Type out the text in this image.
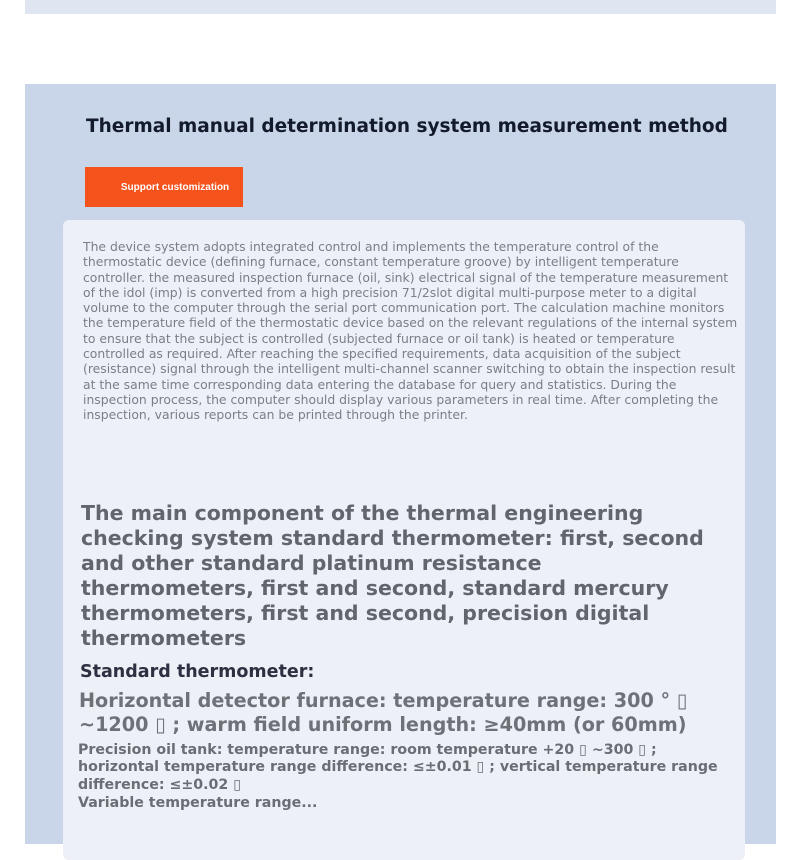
Thermal manual determination system measurement method
Support customization

The device system adopts integrated control and implements the temperature control of the thermostatic device (defining furnace, constant temperature groove) by intelligent temperature controller. the measured inspection furnace (oil, sink) electrical signal of the temperature measurement of the idol (imp) is converted from a high precision 71/2slot digital multi-purpose meter to a digital volume to the computer through the serial port communication port. The calculation machine monitors the temperature field of the thermostatic device based on the relevant regulations of the internal system to ensure that the subject is controlled (subjected furnace or oil tank) is heated or temperature controlled as required. After reaching the specified requirements, data acquisition of the subject (resistance) signal through the intelligent multi-channel scanner switching to obtain the inspection result at the same time corresponding data entering the database for query and statistics. During the inspection process, the computer should display various parameters in real time. After completing the inspection, various reports can be printed through the printer.

The main component of the thermal engineering checking system standard thermometer: first, second and other standard platinum resistance thermometers, first and second, standard mercury thermometers, first and second, precision digital thermometers
Standard thermometer:

Horizontal detector furnace: temperature range: 300 ° ▯ ~1200 ▯ ; warm field uniform length: ≥40mm (or 60mm)

Precision oil tank: temperature range: room temperature +20 ▯ ~300 ▯ ; horizontal temperature range difference: ≤±0.01 ▯ ; vertical temperature range difference: ≤±0.02 ▯

Variable temperature range...
